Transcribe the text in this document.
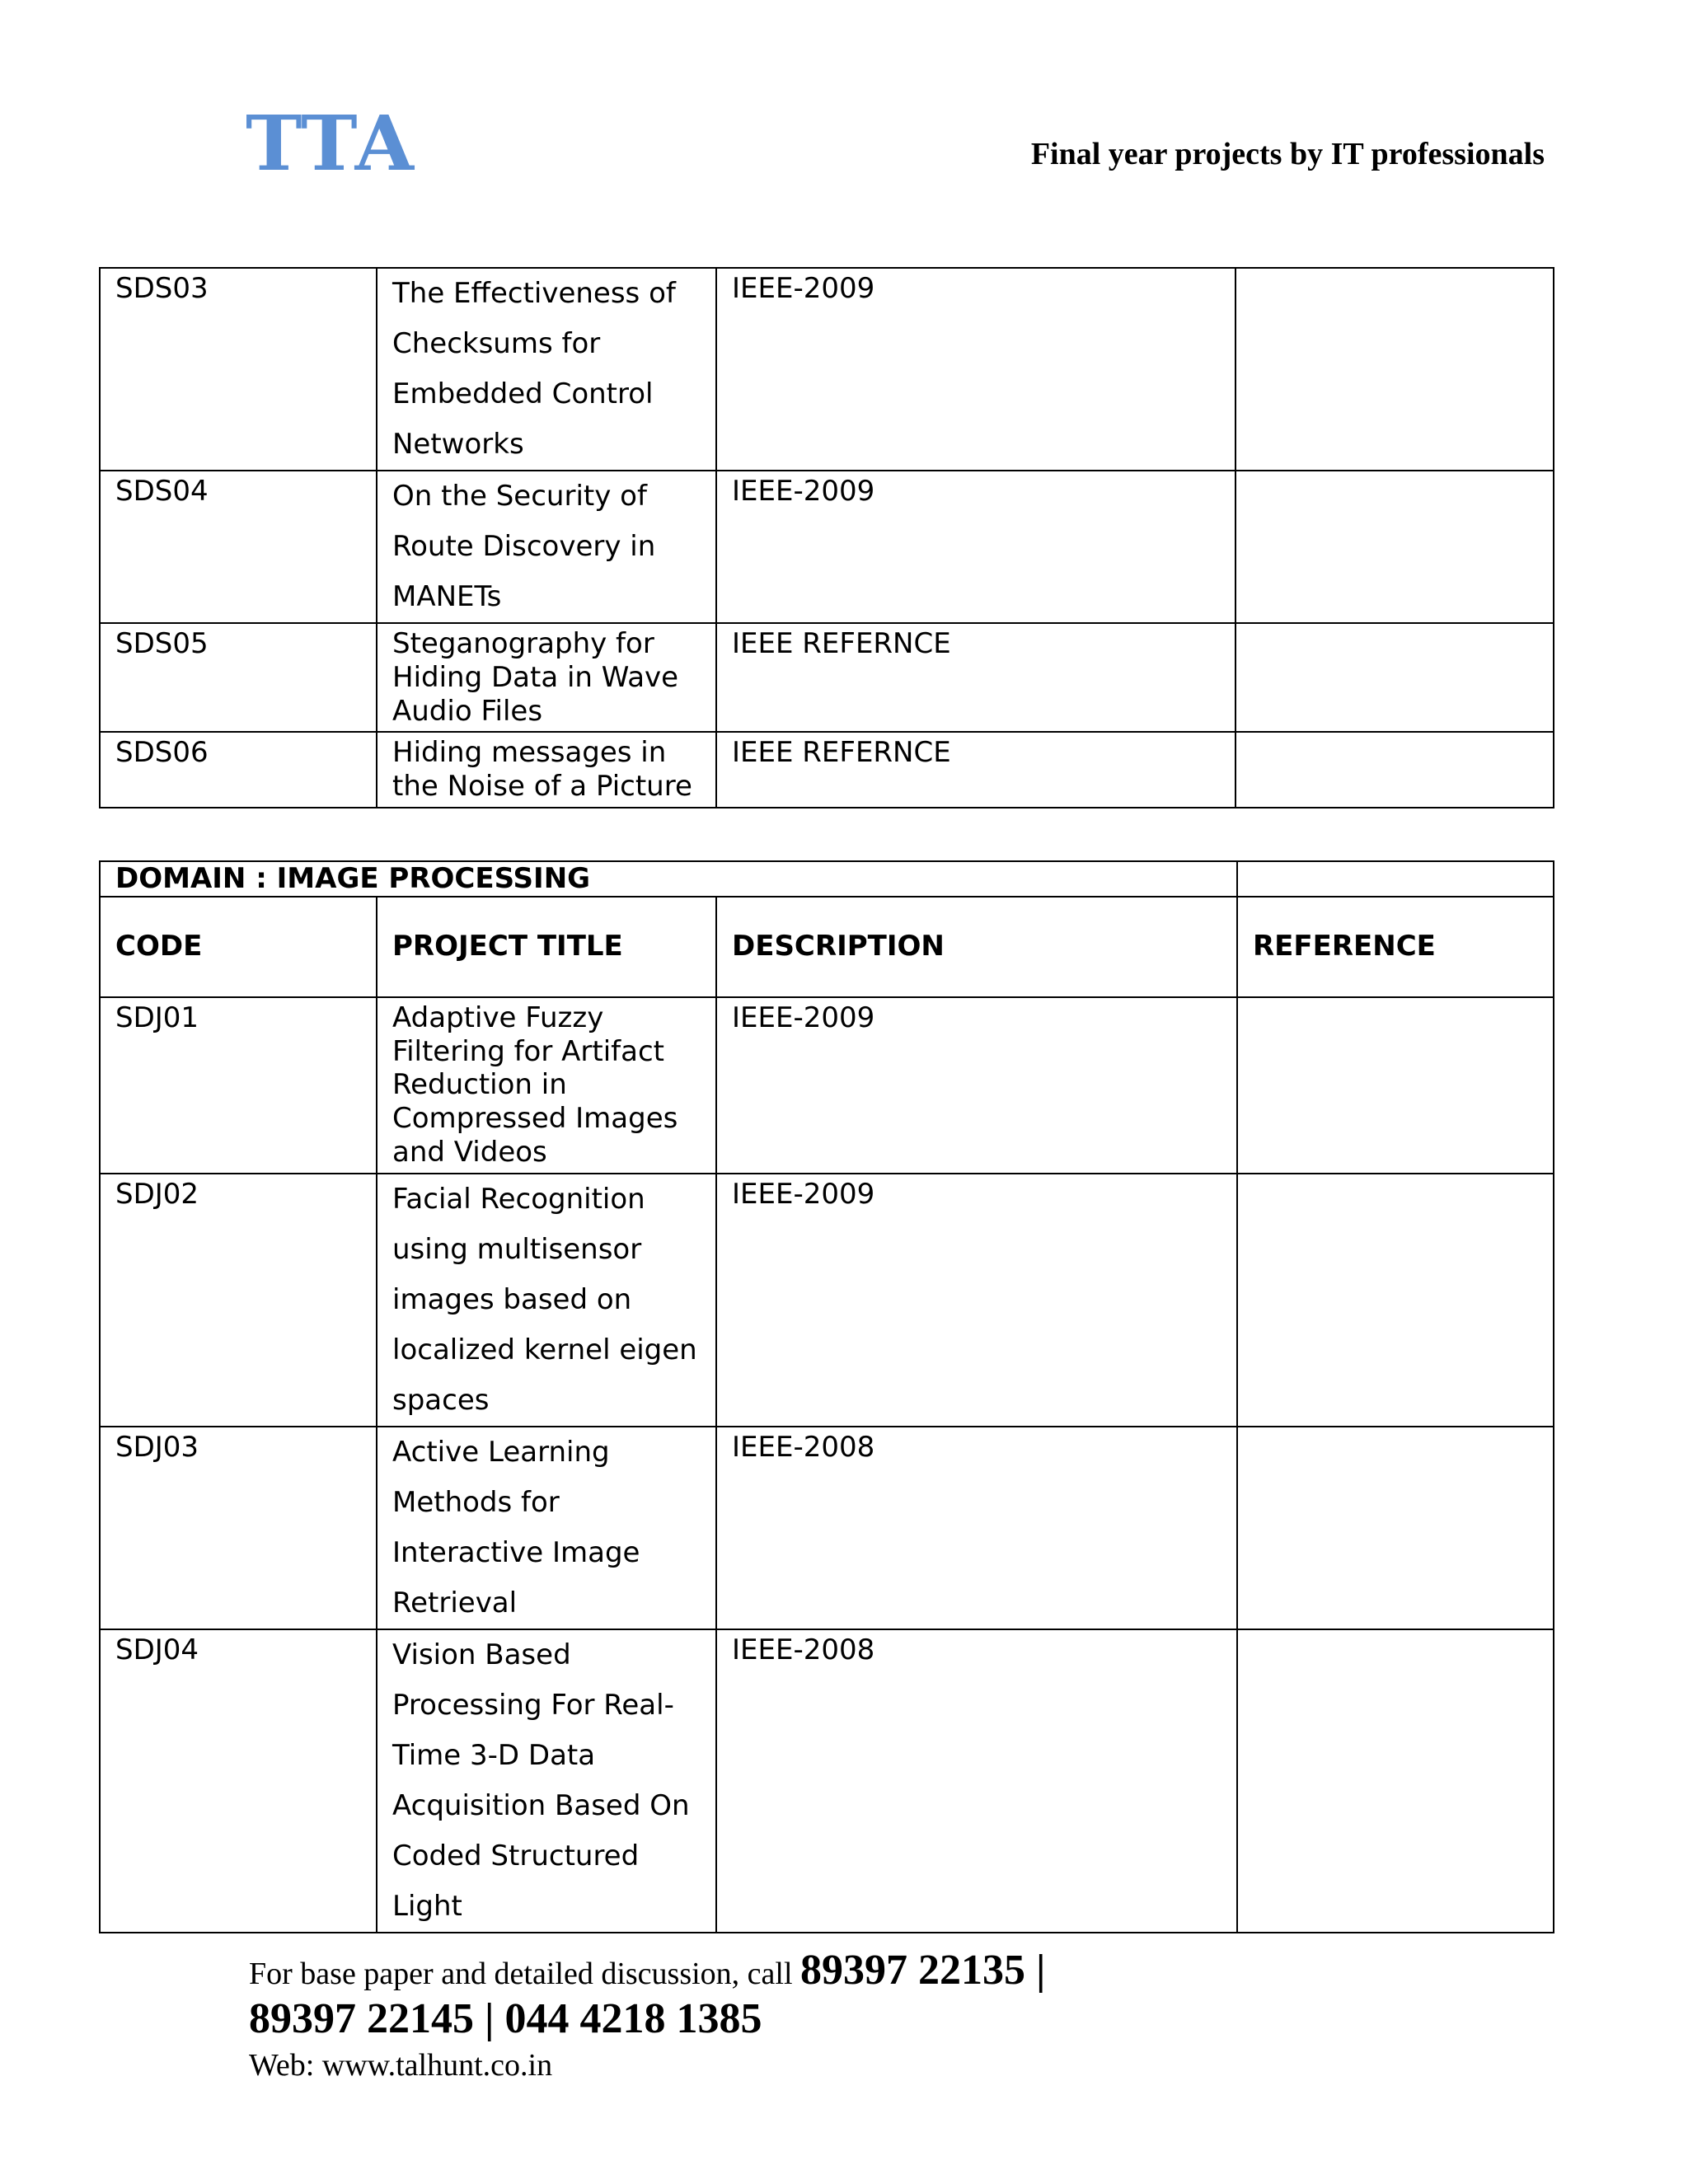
TTA	Final year projects by IT professionals
SDS03	The Effectiveness of Checksums for Embedded Control Networks	IEEE-2009	
SDS04	On the Security of Route Discovery in MANETs	IEEE-2009	
SDS05	Steganography for Hiding Data in Wave Audio Files	IEEE REFERNCE	
SDS06	Hiding messages in the Noise of a Picture	IEEE REFERNCE	
DOMAIN : IMAGE PROCESSING			
CODE	PROJECT TITLE	DESCRIPTION	REFERENCE
SDJ01	Adaptive Fuzzy Filtering for Artifact Reduction in Compressed Images and Videos	IEEE-2009	
SDJ02	Facial Recognition using multisensor images based on localized kernel eigen spaces	IEEE-2009	
SDJ03	Active Learning Methods for Interactive Image Retrieval	IEEE-2008	
SDJ04	Vision Based Processing For Real-Time 3-D Data Acquisition Based On Coded Structured Light	IEEE-2008	
For base paper and detailed discussion, call 89397 22135 |
89397 22145 | 044 4218 1385
Web: www.talhunt.co.in
